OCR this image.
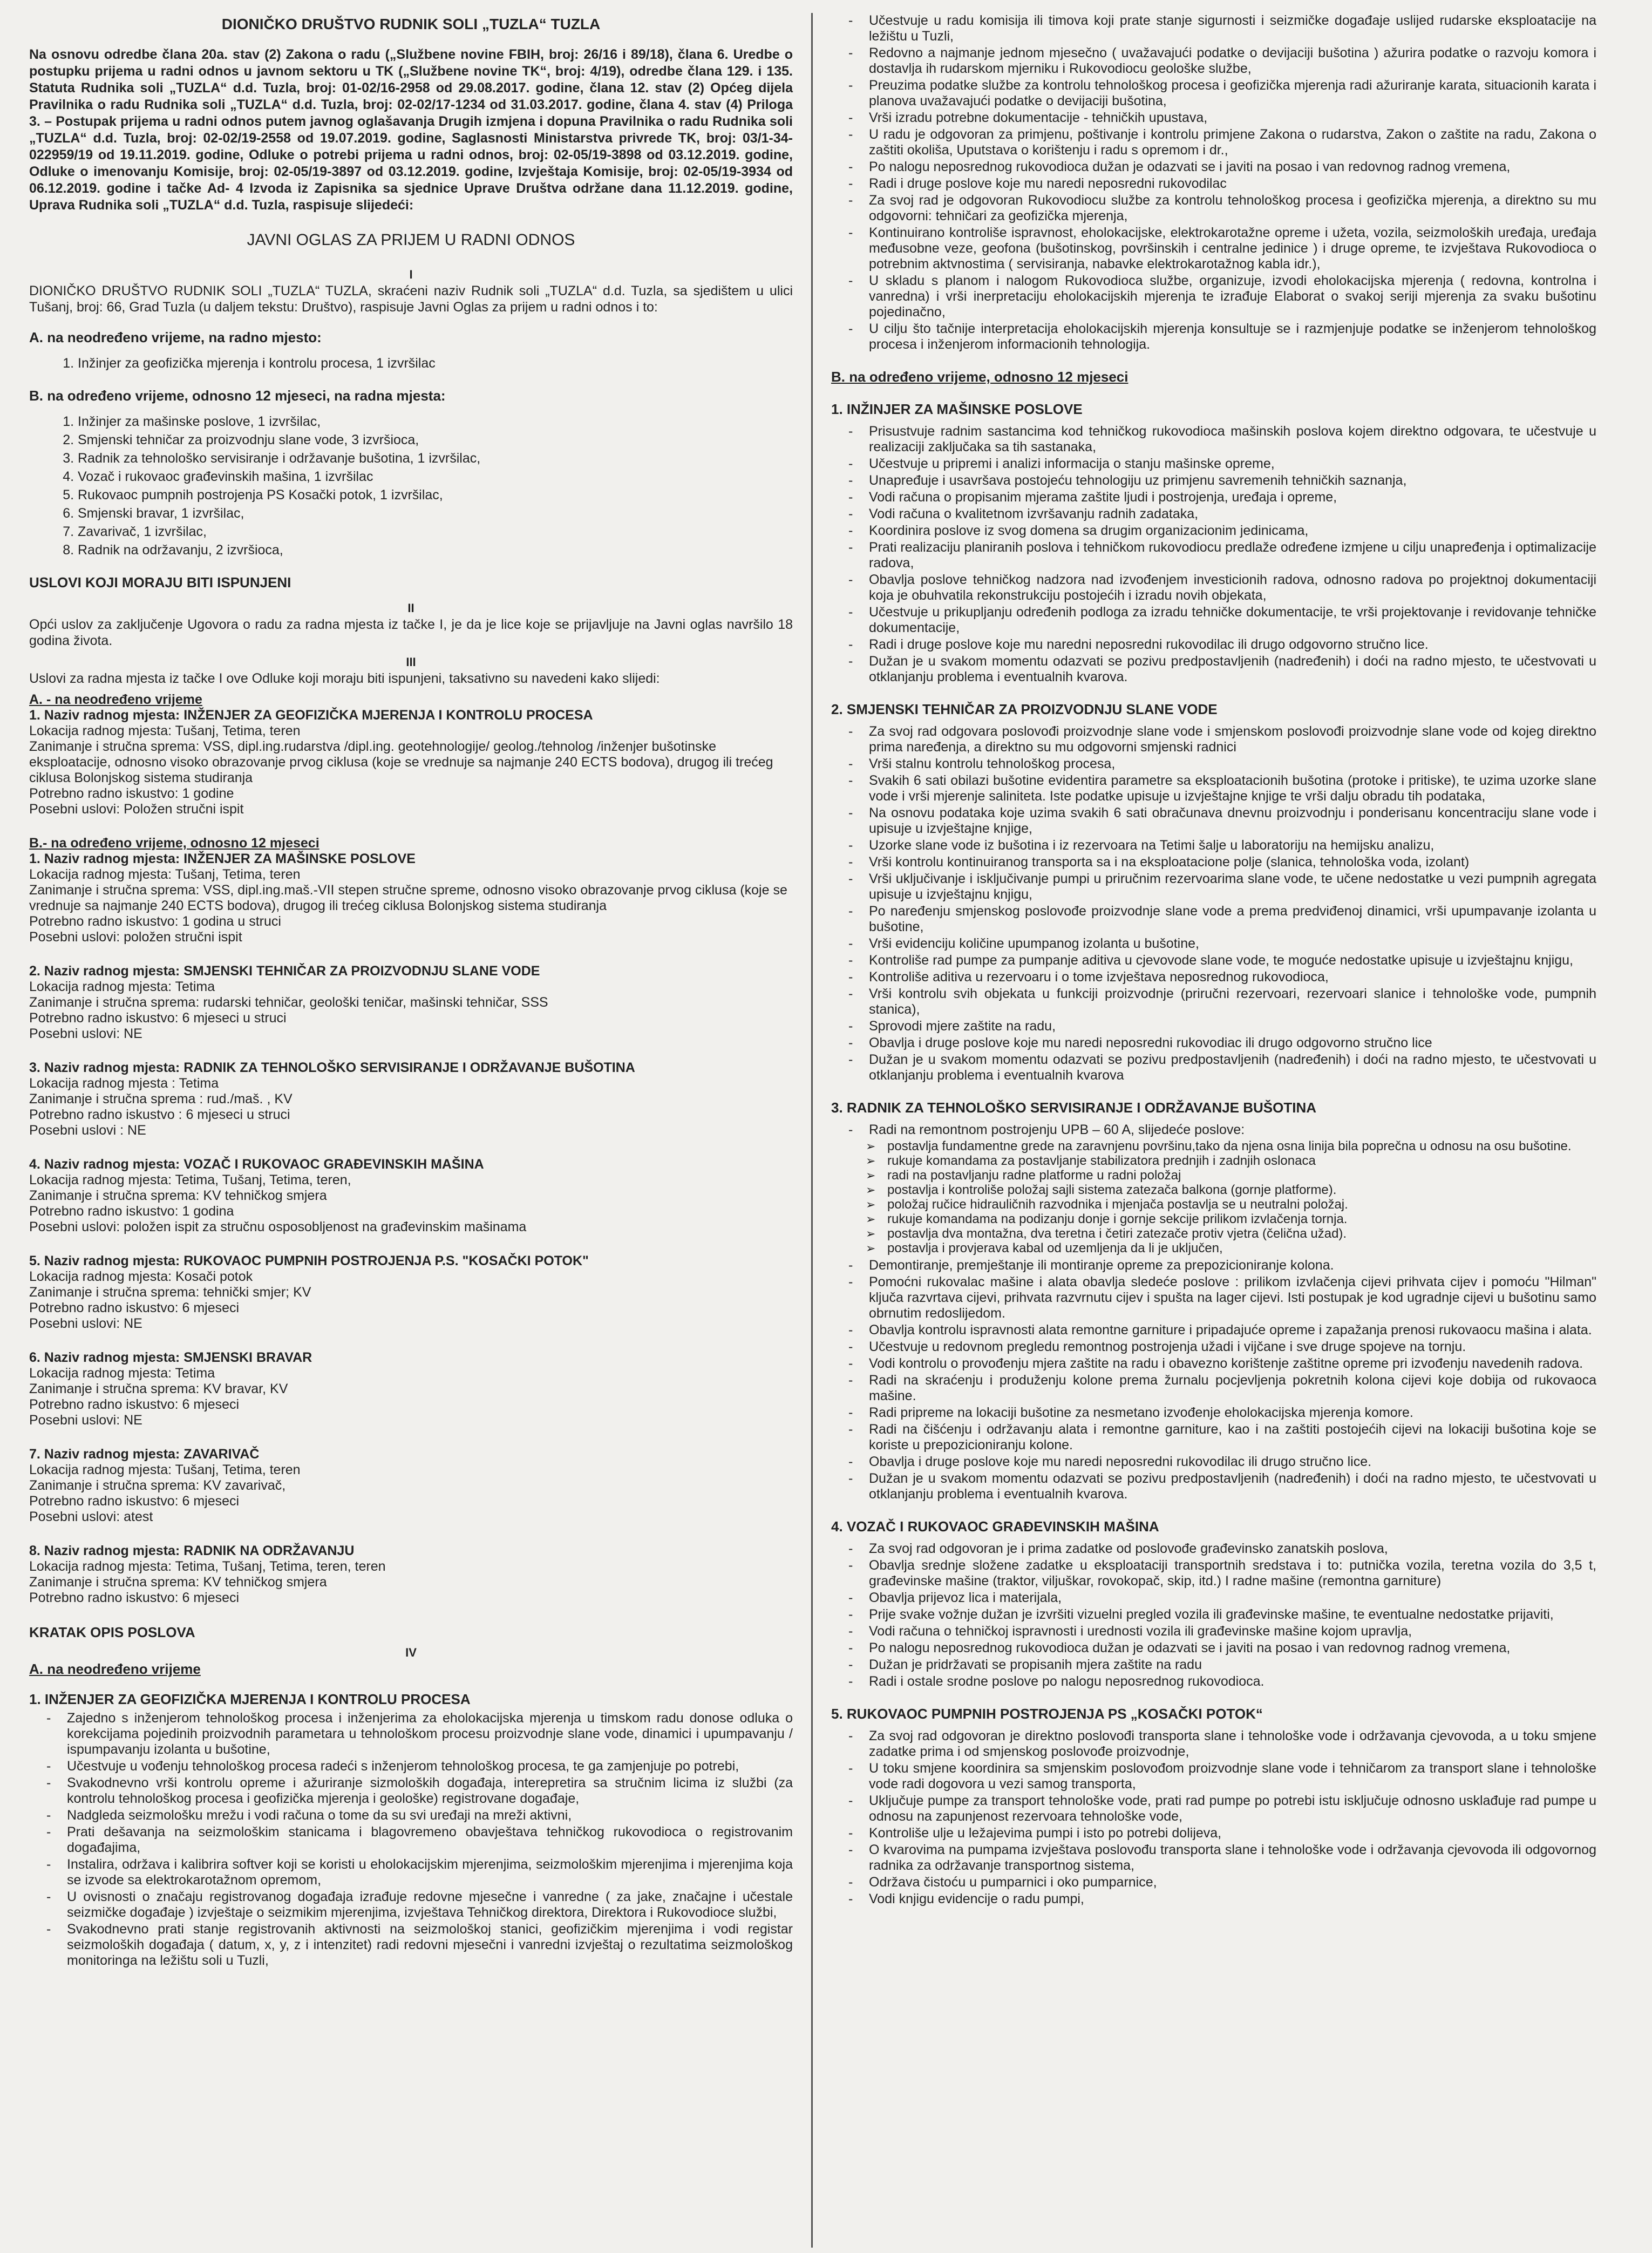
DIONIČKO DRUŠTVO RUDNIK SOLI „TUZLA“ TUZLA
Na osnovu odredbe člana 20a. stav (2) Zakona o radu („Službene novine FBIH, broj: 26/16 i 89/18), člana 6. Uredbe o postupku prijema u radni odnos u javnom sektoru u TK („Službene novine TK“, broj: 4/19), odredbe člana 129. i 135. Statuta Rudnika soli „TUZLA“ d.d. Tuzla, broj: 01-02/16-2958 od 29.08.2017. godine, člana 12. stav (2) Općeg dijela Pravilnika o radu Rudnika soli „TUZLA“ d.d. Tuzla, broj: 02-02/17-1234 od 31.03.2017. godine, člana 4. stav (4) Priloga 3. – Postupak prijema u radni odnos putem javnog oglašavanja Drugih izmjena i dopuna Pravilnika o radu Rudnika soli „TUZLA“ d.d. Tuzla, broj: 02-02/19-2558 od 19.07.2019. godine, Saglasnosti Ministarstva privrede TK, broj: 03/1-34-022959/19 od 19.11.2019. godine, Odluke o potrebi prijema u radni odnos, broj: 02-05/19-3898 od 03.12.2019. godine, Odluke o imenovanju Komisije, broj: 02-05/19-3897 od 03.12.2019. godine, Izvještaja Komisije, broj: 02-05/19-3934 od 06.12.2019. godine i tačke Ad- 4 Izvoda iz Zapisnika sa sjednice Uprave Društva održane dana 11.12.2019. godine, Uprava Rudnika soli „TUZLA“ d.d. Tuzla, raspisuje slijedeći:
JAVNI OGLAS ZA PRIJEM U RADNI ODNOS
I

DIONIČKO DRUŠTVO RUDNIK SOLI „TUZLA“ TUZLA, skraćeni naziv Rudnik soli „TUZLA“ d.d. Tuzla, sa sjedištem u ulici Tušanj, broj: 66, Grad Tuzla (u daljem tekstu: Društvo), raspisuje Javni Oglas za prijem u radni odnos i to:

A. na neodređeno vrijeme, na radno mjesto:
1. Inžinjer za geofizička mjerenja i kontrolu procesa, 1 izvršilac
B. na određeno vrijeme, odnosno 12 mjeseci, na radna mjesta:
1. Inžinjer za mašinske poslove, 1 izvršilac,
2. Smjenski tehničar za proizvodnju slane vode, 3 izvršioca,
3. Radnik za tehnološko servisiranje i održavanje bušotina, 1 izvršilac,
4. Vozač i rukovaoc građevinskih mašina, 1 izvršilac
5. Rukovaoc pumpnih postrojenja PS Kosački potok, 1 izvršilac,
6. Smjenski bravar, 1 izvršilac,
7. Zavarivač, 1 izvršilac,
8. Radnik na održavanju, 2 izvršioca,
USLOVI KOJI MORAJU BITI ISPUNJENI
II

Opći uslov za zaključenje Ugovora o radu za radna mjesta iz tačke I, je da je lice koje se prijavljuje na Javni oglas navršilo 18 godina života.

III

Uslovi za radna mjesta iz tačke I ove Odluke koji moraju biti ispunjeni, taksativno su navedeni kako slijedi:

A. - na neodređeno vrijeme
1. Naziv radnog mjesta: INŽENJER ZA GEOFIZIČKA MJERENJA I KONTROLU PROCESA
Lokacija radnog mjesta: Tušanj, Tetima, teren
Zanimanje i stručna sprema: VSS, dipl.ing.rudarstva /dipl.ing. geotehnologije/ geolog./tehnolog /inženjer bušotinske eksploatacije, odnosno visoko obrazovanje prvog ciklusa (koje se vrednuje sa najmanje 240 ECTS bodova), drugog ili trećeg ciklusa Bolonjskog sistema studiranja
Potrebno radno iskustvo: 1 godine
Posebni uslovi: Položen stručni ispit
B.- na određeno vrijeme, odnosno 12 mjeseci
1. Naziv radnog mjesta: INŽENJER ZA MAŠINSKE POSLOVE
Lokacija radnog mjesta: Tušanj, Tetima, teren
Zanimanje i stručna sprema: VSS, dipl.ing.maš.-VII stepen stručne spreme, odnosno visoko obrazovanje prvog ciklusa (koje se vrednuje sa najmanje 240 ECTS bodova), drugog ili trećeg ciklusa Bolonjskog sistema studiranja
Potrebno radno iskustvo: 1 godina u struci
Posebni uslovi: položen stručni ispit
2. Naziv radnog mjesta: SMJENSKI TEHNIČAR ZA PROIZVODNJU SLANE VODE
Lokacija radnog mjesta: Tetima
Zanimanje i stručna sprema: rudarski tehničar, geološki teničar, mašinski tehničar, SSS
Potrebno radno iskustvo: 6 mjeseci u struci
Posebni uslovi: NE
3. Naziv radnog mjesta: RADNIK ZA TEHNOLOŠKO SERVISIRANJE I ODRŽAVANJE BUŠOTINA
Lokacija radnog mjesta : Tetima
Zanimanje i stručna sprema : rud./maš. , KV
Potrebno radno iskustvo : 6 mjeseci u struci
Posebni uslovi : NE
4. Naziv radnog mjesta: VOZAČ I RUKOVAOC GRAĐEVINSKIH MAŠINA
Lokacija radnog mjesta: Tetima, Tušanj, Tetima, teren,
Zanimanje i stručna sprema: KV tehničkog smjera
Potrebno radno iskustvo: 1 godina
Posebni uslovi: položen ispit za stručnu osposobljenost na građevinskim mašinama
5. Naziv radnog mjesta: RUKOVAOC PUMPNIH POSTROJENJA P.S. "KOSAČKI POTOK"
Lokacija radnog mjesta: Kosači potok
Zanimanje i stručna sprema: tehnički smjer; KV
Potrebno radno iskustvo: 6 mjeseci
Posebni uslovi: NE
6. Naziv radnog mjesta: SMJENSKI BRAVAR
Lokacija radnog mjesta: Tetima
Zanimanje i stručna sprema: KV bravar, KV
Potrebno radno iskustvo: 6 mjeseci
Posebni uslovi: NE
7. Naziv radnog mjesta: ZAVARIVAČ
Lokacija radnog mjesta: Tušanj, Tetima, teren
Zanimanje i stručna sprema: KV zavarivač,
Potrebno radno iskustvo: 6 mjeseci
Posebni uslovi: atest
8. Naziv radnog mjesta: RADNIK NA ODRŽAVANJU
Lokacija radnog mjesta: Tetima, Tušanj, Tetima, teren, teren
Zanimanje i stručna sprema: KV tehničkog smjera
Potrebno radno iskustvo: 6 mjeseci
KRATAK OPIS POSLOVA
IV
A. na neodređeno vrijeme
1. INŽENJER ZA GEOFIZIČKA MJERENJA I KONTROLU PROCESA
- Zajedno s inženjerom tehnološkog procesa i inženjerima za eholokacijska mjerenja u timskom radu donose odluka o korekcijama pojedinih proizvodnih parametara u tehnološkom procesu proizvodnje slane vode, dinamici i upumpavanju / ispumpavanju izolanta u bušotine,
- Učestvuje u vođenju tehnološkog procesa radeći s inženjerom tehnološkog procesa, te ga zamjenjuje po potrebi,
- Svakodnevno vrši kontrolu opreme i ažuriranje sizmoloških događaja, interepretira sa stručnim licima iz službi (za kontrolu tehnološkog procesa i geofizička mjerenja i geološke) registrovane događaje,
- Nadgleda seizmološku mrežu i vodi računa o tome da su svi uređaji na mreži aktivni,
- Prati dešavanja na seizmološkim stanicama i blagovremeno obavještava tehničkog rukovodioca o registrovanim događajima,
- Instalira, održava i kalibrira softver koji se koristi u eholokacijskim mjerenjima, seizmološkim mjerenjima i mjerenjima koja se izvode sa elektrokarotažnom opremom,
- U ovisnosti o značaju registrovanog događaja izrađuje redovne mjesečne i vanredne ( za jake, značajne i učestale seizmičke događaje ) izvještaje o seizmikim mjerenjima, izvještava Tehničkog direktora, Direktora i Rukovodioce službi,
- Svakodnevno prati stanje registrovanih aktivnosti na seizmološkoj stanici, geofizičkim mjerenjima i vodi registar seizmoloških događaja ( datum, x, y, z i intenzitet) radi redovni mjesečni i vanredni izvještaj o rezultatima seizmološkog monitoringa na ležištu soli u Tuzli,
- Učestvuje u radu komisija ili timova koji prate stanje sigurnosti i seizmičke događaje uslijed rudarske eksploatacije na ležištu u Tuzli,
- Redovno a najmanje jednom mjesečno ( uvažavajući podatke o devijaciji bušotina ) ažurira podatke o razvoju komora i dostavlja ih rudarskom mjerniku i Rukovodiocu geološke službe,
- Preuzima podatke službe za kontrolu tehnološkog procesa i geofizička mjerenja radi ažuriranje karata, situacionih karata i planova uvažavajući podatke o devijaciji bušotina,
- Vrši izradu potrebne dokumentacije - tehničkih upustava,
- U radu je odgovoran za primjenu, poštivanje i kontrolu primjene Zakona o rudarstva, Zakon o zaštite na radu, Zakona o zaštiti okoliša, Uputstava o korištenju i radu s opremom i dr.,
- Po nalogu neposrednog rukovodioca dužan je odazvati se i javiti na posao i van redovnog radnog vremena,
- Radi i druge poslove koje mu naredi neposredni rukovodilac
- Za svoj rad je odgovoran Rukovodiocu službe za kontrolu tehnološkog procesa i geofizička mjerenja, a direktno su mu odgovorni: tehničari za geofizička mjerenja,
- Kontinuirano kontroliše ispravnost, eholokacijske, elektrokarotažne opreme i užeta, vozila, seizmoloških uređaja, uređaja međusobne veze, geofona (bušotinskog, površinskih i centralne jedinice ) i druge opreme, te izvještava Rukovodioca o potrebnim aktvnostima ( servisiranja, nabavke elektrokarotažnog kabla idr.),
- U skladu s planom i nalogom Rukovodioca službe, organizuje, izvodi eholokacijska mjerenja ( redovna, kontrolna i vanredna) i vrši inerpretaciju eholokacijskih mjerenja te izrađuje Elaborat o svakoj seriji mjerenja za svaku bušotinu pojedinačno,
- U cilju što tačnije interpretacija eholokacijskih mjerenja konsultuje se i razmjenjuje podatke se inženjerom tehnološkog procesa i inženjerom informacionih tehnologija.
B. na određeno vrijeme, odnosno 12 mjeseci
1. INŽINJER ZA MAŠINSKE POSLOVE
- Prisustvuje radnim sastancima kod tehničkog rukovodioca mašinskih poslova kojem direktno odgovara, te učestvuje u realizaciji zaključaka sa tih sastanaka,
- Učestvuje u pripremi i analizi informacija o stanju mašinske opreme,
- Unapređuje i usavršava postojeću tehnologiju uz primjenu savremenih tehničkih saznanja,
- Vodi računa o propisanim mjerama zaštite ljudi i postrojenja, uređaja i opreme,
- Vodi računa o kvalitetnom izvršavanju radnih zadataka,
- Koordinira poslove iz svog domena sa drugim organizacionim jedinicama,
- Prati realizaciju planiranih poslova i tehničkom rukovodiocu predlaže određene izmjene u cilju unapređenja i optimalizacije radova,
- Obavlja poslove tehničkog nadzora nad izvođenjem investicionih radova, odnosno radova po projektnoj dokumentaciji koja je obuhvatila rekonstrukciju postojećih i izradu novih objekata,
- Učestvuje u prikupljanju određenih podloga za izradu tehničke dokumentacije, te vrši projektovanje i revidovanje tehničke dokumentacije,
- Radi i druge poslove koje mu naredni neposredni rukovodilac ili drugo odgovorno stručno lice.
- Dužan je u svakom momentu odazvati se pozivu predpostavljenih (nadređenih) i doći na radno mjesto, te učestvovati u otklanjanju problema i eventualnih kvarova.
2. SMJENSKI TEHNIČAR ZA PROIZVODNJU SLANE VODE
- Za svoj rad odgovara poslovođi proizvodnje slane vode i smjenskom poslovođi proizvodnje slane vode od kojeg direktno prima naređenja, a direktno su mu odgovorni smjenski radnici
- Vrši stalnu kontrolu tehnološkog procesa,
- Svakih 6 sati obilazi bušotine evidentira parametre sa eksploatacionih bušotina (protoke i pritiske), te uzima uzorke slane vode i vrši mjerenje saliniteta. Iste podatke upisuje u izvještajne knjige te vrši dalju obradu tih podataka,
- Na osnovu podataka koje uzima svakih 6 sati obračunava dnevnu proizvodnju i ponderisanu koncentraciju slane vode i upisuje u izvještajne knjige,
- Uzorke slane vode iz bušotina i iz rezervoara na Tetimi šalje u laboratoriju na hemijsku analizu,
- Vrši kontrolu kontinuiranog transporta sa i na eksploatacione polje (slanica, tehnološka voda, izolant)
- Vrši uključivanje i isključivanje pumpi u priručnim rezervoarima slane vode, te učene nedostatke u vezi pumpnih agregata upisuje u izvještajnu knjigu,
- Po naređenju smjenskog poslovođe proizvodnje slane vode a prema predviđenoj dinamici, vrši upumpavanje izolanta u bušotine,
- Vrši evidenciju količine upumpanog izolanta u bušotine,
- Kontroliše rad pumpe za pumpanje aditiva u cjevovode slane vode, te moguće nedostatke upisuje u izvještajnu knjigu,
- Kontroliše aditiva u rezervoaru i o tome izvještava neposrednog rukovodioca,
- Vrši kontrolu svih objekata u funkciji proizvodnje (priručni rezervoari, rezervoari slanice i tehnološke vode, pumpnih stanica),
- Sprovodi mjere zaštite na radu,
- Obavlja i druge poslove koje mu naredi neposredni rukovodiac ili drugo odgovorno stručno lice
- Dužan je u svakom momentu odazvati se pozivu predpostavljenih (nadređenih) i doći na radno mjesto, te učestvovati u otklanjanju problema i eventualnih kvarova
3. RADNIK ZA TEHNOLOŠKO SERVISIRANJE I ODRŽAVANJE BUŠOTINA
- Radi na remontnom postrojenju UPB – 60 A, slijedeće poslove:
➢ postavlja fundamentne grede na zaravnjenu površinu,tako da njena osna linija bila poprečna u odnosu na osu bušotine.
➢ rukuje komandama za postavljanje stabilizatora prednjih i zadnjih oslonaca
➢ radi na postavljanju radne platforme u radni položaj
➢ postavlja i kontroliše položaj sajli sistema zatezača balkona (gornje platforme).
➢ položaj ručice hidrauličnih razvodnika i mjenjača postavlja se u neutralni položaj.
➢ rukuje komandama na podizanju donje i gornje sekcije prilikom izvlačenja tornja.
➢ postavlja dva montažna, dva teretna i četiri zatezače protiv vjetra (čelična užad).
➢ postavlja i provjerava kabal od uzemljenja da li je uključen,
- Demontiranje, premještanje ili montiranje opreme za prepozicioniranje kolona.
- Pomoćni rukovalac mašine i alata obavlja sledeće poslove : prilikom izvlačenja cijevi prihvata cijev i pomoću "Hilman" ključa razvrtava cijevi, prihvata razvrnutu cijev i spušta na lager cijevi. Isti postupak je kod ugradnje cijevi u bušotinu samo obrnutim redoslijedom.
- Obavlja kontrolu ispravnosti alata remontne garniture i pripadajuće opreme i zapažanja prenosi rukovaocu mašina i alata.
- Učestvuje u redovnom pregledu remontnog postrojenja užadi i vijčane i sve druge spojeve na tornju.
- Vodi kontrolu o provođenju mjera zaštite na radu i obavezno korištenje zaštitne opreme pri izvođenju navedenih radova.
- Radi na skraćenju i produženju kolone prema žurnalu pocjevljenja pokretnih kolona cijevi koje dobija od rukovaoca mašine.
- Radi pripreme na lokaciji bušotine za nesmetano izvođenje eholokacijska mjerenja komore.
- Radi na čišćenju i održavanju alata i remontne garniture, kao i na zaštiti postojećih cijevi na lokaciji bušotina koje se koriste u prepozicioniranju kolone.
- Obavlja i druge poslove koje mu naredi neposredni rukovodilac ili drugo stručno lice.
- Dužan je u svakom momentu odazvati se pozivu predpostavljenih (nadređenih) i doći na radno mjesto, te učestvovati u otklanjanju problema i eventualnih kvarova.
4. VOZAČ I RUKOVAOC GRAĐEVINSKIH MAŠINA
- Za svoj rad odgovoran je i prima zadatke od poslovođe građevinsko zanatskih poslova,
- Obavlja srednje složene zadatke u eksploataciji transportnih sredstava i to: putnička vozila, teretna vozila do 3,5 t, građevinske mašine (traktor, viljuškar, rovokopač, skip, itd.) I radne mašine (remontna garniture)
- Obavlja prijevoz lica i materijala,
- Prije svake vožnje dužan je izvršiti vizuelni pregled vozila ili građevinske mašine, te eventualne nedostatke prijaviti,
- Vodi računa o tehničkoj ispravnosti i urednosti vozila ili građevinske mašine kojom upravlja,
- Po nalogu neposrednog rukovodioca dužan je odazvati se i javiti na posao i van redovnog radnog vremena,
- Dužan je pridržavati se propisanih mjera zaštite na radu
- Radi i ostale srodne poslove po nalogu neposrednog rukovodioca.
5. RUKOVAOC PUMPNIH POSTROJENJA PS „KOSAČKI POTOK“
- Za svoj rad odgovoran je direktno poslovođi transporta slane i tehnološke vode i održavanja cjevovoda, a u toku smjene zadatke prima i od smjenskog poslovođe proizvodnje,
- U toku smjene koordinira sa smjenskim poslovođom proizvodnje slane vode i tehničarom za transport slane i tehnološke vode radi dogovora u vezi samog transporta,
- Uključuje pumpe za transport tehnološke vode, prati rad pumpe po potrebi istu isključuje odnosno usklađuje rad pumpe u odnosu na zapunjenost rezervoara tehnološke vode,
- Kontroliše ulje u ležajevima pumpi i isto po potrebi dolijeva,
- O kvarovima na pumpama izvještava poslovođu transporta slane i tehnološke vode i održavanja cjevovoda ili odgovornog radnika za održavanje transportnog sistema,
- Održava čistoću u pumparnici i oko pumparnice,
- Vodi knjigu evidencije o radu pumpi,
